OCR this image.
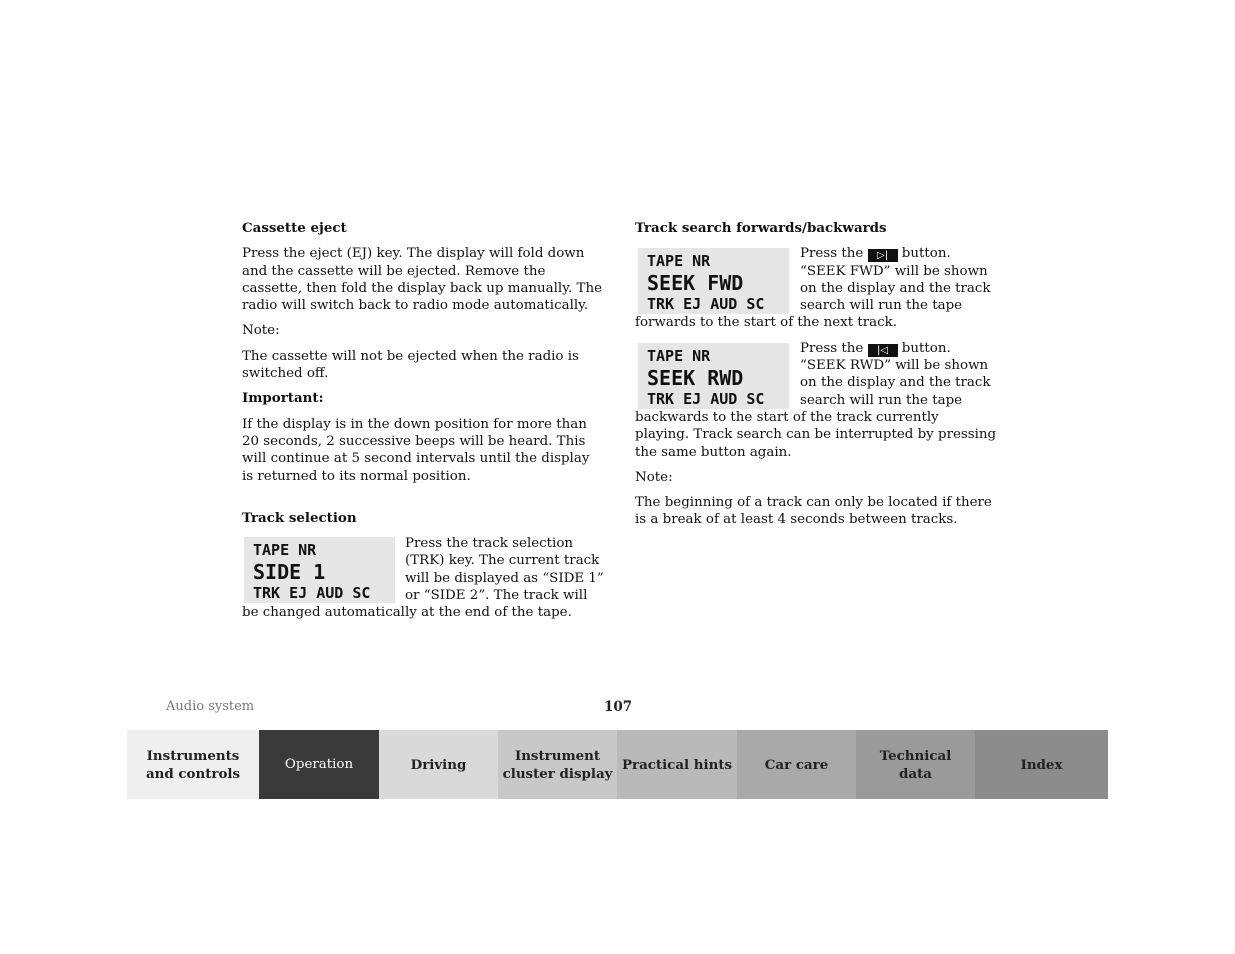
Cassette eject

Press the eject (EJ) key. The display will fold down and the cassette will be ejected. Remove the cassette, then fold the display back up manually. The radio will switch back to radio mode automatically.

Note:

The cassette will not be ejected when the radio is switched off.

Important:

If the display is in the down position for more than 20 seconds, 2 successive beeps will be heard. This will continue at 5 second intervals until the display is returned to its normal position.

Track selection

TAPE NR
SIDE 1
TRK EJ AUD SC

Press the track selection (TRK) key. The current track will be displayed as “SIDE 1” or “SIDE 2”. The track will be changed automatically at the end of the tape.

Track search forwards/backwards

TAPE NR
SEEK FWD
TRK EJ AUD SC

Press the ▷| button. “SEEK FWD” will be shown on the display and the track search will run the tape forwards to the start of the next track.

TAPE NR
SEEK RWD
TRK EJ AUD SC

Press the |◁ button. “SEEK RWD” will be shown on the display and the track search will run the tape backwards to the start of the track currently playing. Track search can be interrupted by pressing the same button again.

Note:

The beginning of a track can only be located if there is a break of at least 4 seconds between tracks.

Audio system	107
Instruments
and controls
Operation	Driving
Instrument
cluster display
Practical hints Car care
Technical
data
Index
